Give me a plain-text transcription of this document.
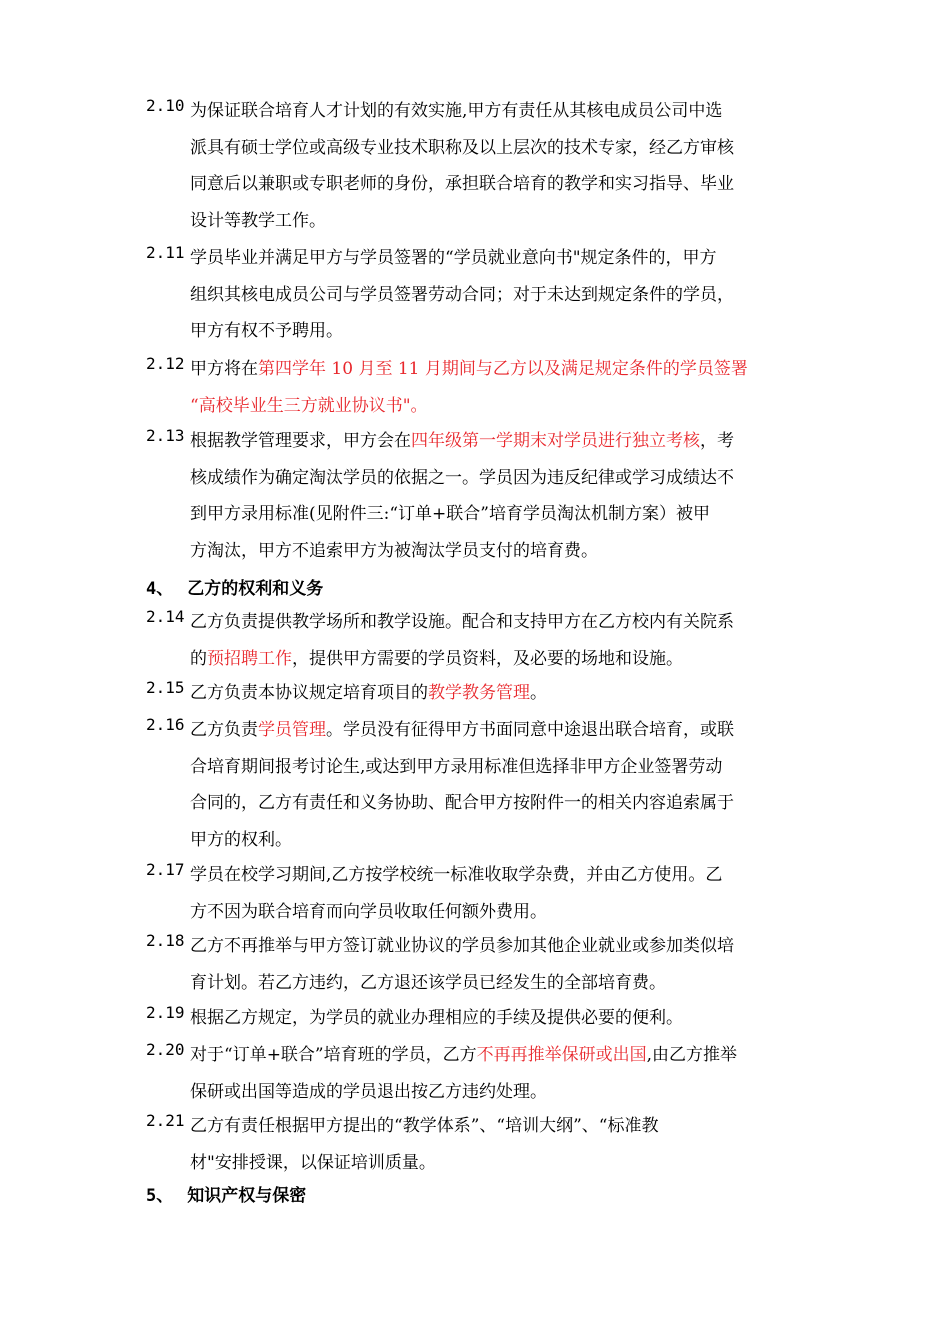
2.10 为保证联合培育人才计划的有效实施,甲方有责任从其核电成员公司中选
派具有硕士学位或高级专业技术职称及以上层次的技术专家，经乙方审核
同意后以兼职或专职老师的身份，承担联合培育的教学和实习指导、毕业
设计等教学工作。
2.11 学员毕业并满足甲方与学员签署的“学员就业意向书"规定条件的，甲方
组织其核电成员公司与学员签署劳动合同；对于未达到规定条件的学员，
甲方有权不予聘用。
2.12 甲方将在第四学年 10 月至 11 月期间与乙方以及满足规定条件的学员签署
“高校毕业生三方就业协议书"。
2.13 根据教学管理要求，甲方会在四年级第一学期末对学员进行独立考核，考
核成绩作为确定淘汰学员的依据之一。学员因为违反纪律或学习成绩达不
到甲方录用标准(见附件三:“订单+联合”培育学员淘汰机制方案）被甲
方淘汰，甲方不追索甲方为被淘汰学员支付的培育费。
4、 乙方的权利和义务
2.14 乙方负责提供教学场所和教学设施。配合和支持甲方在乙方校内有关院系
的预招聘工作，提供甲方需要的学员资料，及必要的场地和设施。
2.15 乙方负责本协议规定培育项目的教学教务管理。
2.16 乙方负责学员管理。学员没有征得甲方书面同意中途退出联合培育，或联
合培育期间报考讨论生,或达到甲方录用标准但选择非甲方企业签署劳动
合同的，乙方有责任和义务协助、配合甲方按附件一的相关内容追索属于
甲方的权利。
2.17 学员在校学习期间,乙方按学校统一标准收取学杂费，并由乙方使用。乙
方不因为联合培育而向学员收取任何额外费用。
2.18 乙方不再推举与甲方签订就业协议的学员参加其他企业就业或参加类似培
育计划。若乙方违约，乙方退还该学员已经发生的全部培育费。
2.19 根据乙方规定，为学员的就业办理相应的手续及提供必要的便利。
2.20 对于“订单+联合”培育班的学员，乙方不再再推举保研或出国,由乙方推举
保研或出国等造成的学员退出按乙方违约处理。
2.21 乙方有责任根据甲方提出的“教学体系”、“培训大纲”、“标准教
材"安排授课，以保证培训质量。
5、 知识产权与保密
